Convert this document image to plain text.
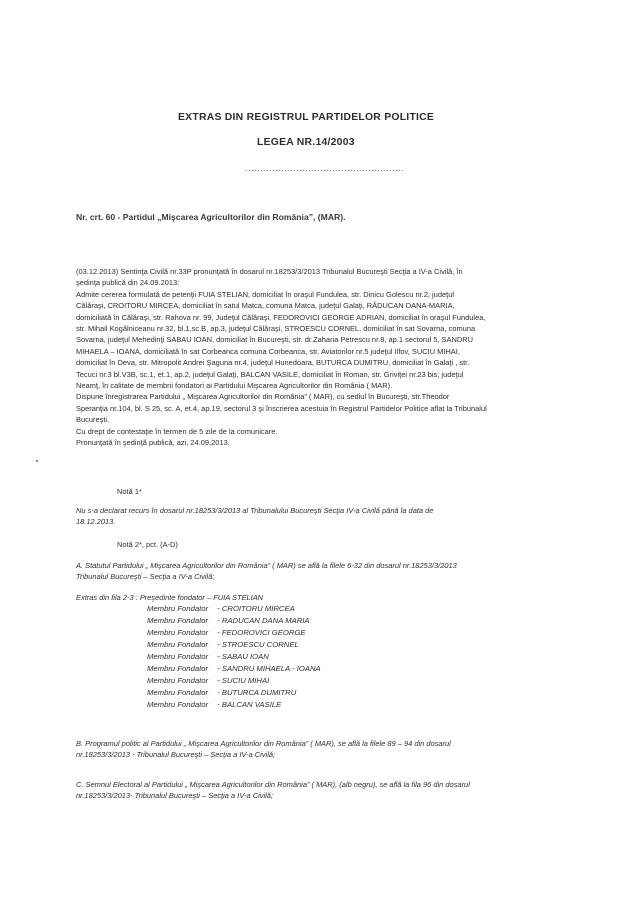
EXTRAS DIN REGISTRUL PARTIDELOR POLITICE
LEGEA NR.14/2003
.....................................................
Nr. crt. 60 - Partidul „Mişcarea Agricultorilor din România”, (MAR).
(03.12.2013) Sentinţa Civilă nr.33P pronunţată în dosarul nr.18253/3/2013 Tribunalul Bucureşti Secţia a IV-a Civilă, în
şedinţa publică din 24.09.2013:
Admite cererea formulată de petenţii FUIA STELIAN, domiciliat în oraşul Fundulea, str. Dinicu Golescu nr.2, judeţul
Călăraşi, CROITORU MIRCEA, domiciliat în satul Matca, comuna Matca, judeţul Galaţi, RĂDUCAN DANA-MARIA,
domiciliată în Călăraşi, str. Rahova nr. 99, Judeţul Călăraşi, FEDOROVICI GEORGE ADRIAN, domiciliat în oraşul Fundulea,
str. Mihail Kogălniceanu nr.32, bl.1,sc.B, ap.3, judeţul Călăraşi, STROESCU CORNEL, domiciliat în sat Sovarna, comuna
Sovarna, judeţul Mehedinţi SABAU IOAN, domiciliat în Bucureşti, str. dr.Zaharia Petrescu nr.8, ap.1 sectorul 5, SANDRU
MIHAELA – IOANA, domiciliată în sat Corbeanca comuna Corbeanca, str. Aviatorilor nr.5 judeţul Ilfov, SUCIU MIHAI,
domiciliat în Deva, str. Mitropolit Andrei Şaguna nr.4, judeţul Hunedoara, BUTURCA DUMITRU, domiciliat în Galaţi , str.
Tecuci nr.3 bl.V3B, sc.1, et.1, ap.2, judeţul Galaţi, BALCAN VASILE, domiciliat în Roman, str. Griviţei nr.23 bis, judeţul
Neamţ, în calitate de membrii fondatori ai Partidului Mişcarea Agricultorilor din România ( MAR).
Dispune înregistrarea Partidului „ Mişcarea Agricultorilor din România” ( MAR), cu sediul în Bucureşti, str.Theodor
Speranţia nr.104, bl. S 25, sc. A, et.4, ap.19, sectorul 3 şi înscrierea acestuia în Registrul Partidelor Politice aflat la Tribunalul
Bucureşti.
Cu drept de contestaţie în termen de 5 zile de la comunicare.
Pronunţată în şedinţă publică, azi, 24.09.2013.
Notă 1*
Nu s-a declarat recurs în dosarul nr.18253/3/2013 al Tribunalului Bucureşti Secţia IV-a Civilă până la data de
18.12.2013.
Notă 2*, pct. (A-D)
A. Statutul Partidului „ Mişcarea Agricultorilor din România” ( MAR) se află la filele 6-32 din dosarul nr.18253/3/2013
Tribunalul Bucureşti – Secţia a IV-a Civilă;
Extras din fila 2-3 : Preşedinte fondator – FUIA STELIAN
Membru Fondator - CROITORU MIRCEA
Membru Fondator - RADUCAN DANA MARIA
Membru Fondator - FEDOROVICI GEORGE
Membru Fondator - STROESCU CORNEL
Membru Fondator - SABAU IOAN
Membru Fondator - SANDRU MIHAELA - IOANA
Membru Fondator - SUCIU MIHAI
Membru Fondator - BUTURCA DUMITRU
Membru Fondator - BALCAN VASILE
B. Programul politic al Partidului „ Mişcarea Agricultorilor din România” ( MAR), se află la filele 89 – 94 din dosarul
nr.18253/3/2013 - Tribunalul Bucureşti – Secţia a IV-a Civilă;
C. Semnul Electoral al Partidului „ Mişcarea Agricultorilor din România” ( MAR), (alb negru), se află la fila 96 din dosarul
nr.18253/3/2013- Tribunalul Bucureşti – Secţia a IV-a Civilă;
